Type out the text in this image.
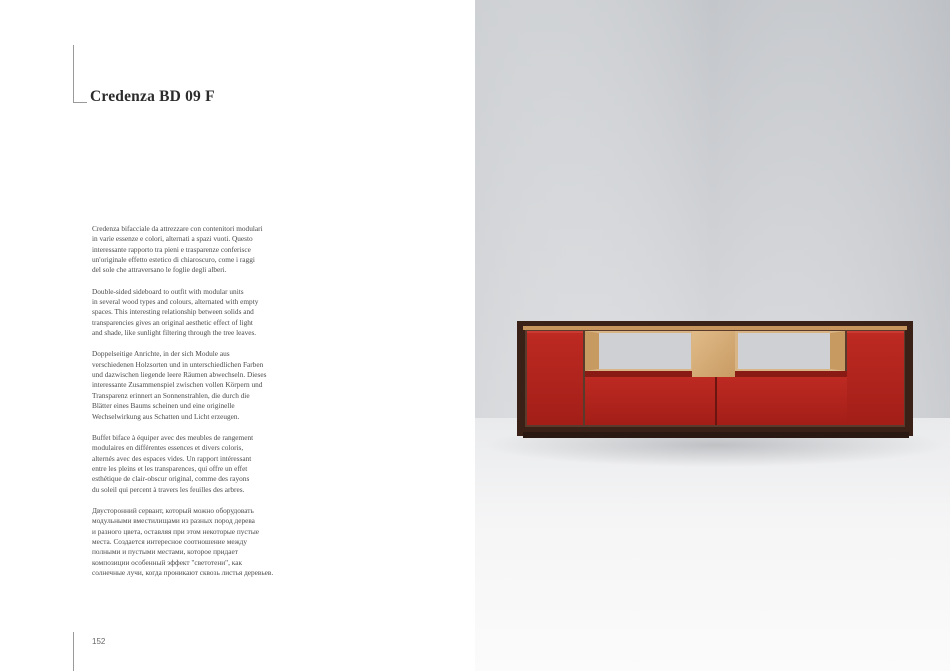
Credenza BD 09 F

Credenza bifacciale da attrezzare con contenitori modulari
in varie essenze e colori, alternati a spazi vuoti. Questo
interessante rapporto tra pieni e trasparenze conferisce
un'originale effetto estetico di chiaroscuro, come i raggi
del sole che attraversano le foglie degli alberi.

Double-sided sideboard to outfit with modular units
in several wood types and colours, alternated with empty
spaces. This interesting relationship between solids and
transparencies gives an original aesthetic effect of light
and shade, like sunlight filtering through the tree leaves.

Doppelseitige Anrichte, in der sich Module aus
verschiedenen Holzsorten und in unterschiedlichen Farben
und dazwischen liegende leere Räumen abwechseln. Dieses
interessante Zusammenspiel zwischen vollen Körpern und
Transparenz erinnert an Sonnenstrahlen, die durch die
Blätter eines Baums scheinen und eine originelle
Wechselwirkung aus Schatten und Licht erzeugen.

Buffet biface à équiper avec des meubles de rangement
modulaires en différentes essences et divers coloris,
alternés avec des espaces vides. Un rapport intéressant
entre les pleins et les transparences, qui offre un effet
esthétique de clair-obscur original, comme des rayons
du soleil qui percent à travers les feuilles des arbres.

Двусторонний сервант, который можно оборудовать
модульными вместилищами из разных пород дерева
и разного цвета, оставляя при этом некоторые пустые
места. Создается интересное соотношение между
полными и пустыми местами, которое придает
композиции особенный эффект "светотени", как
солнечные лучи, когда проникают сквозь листья деревьев.

152
